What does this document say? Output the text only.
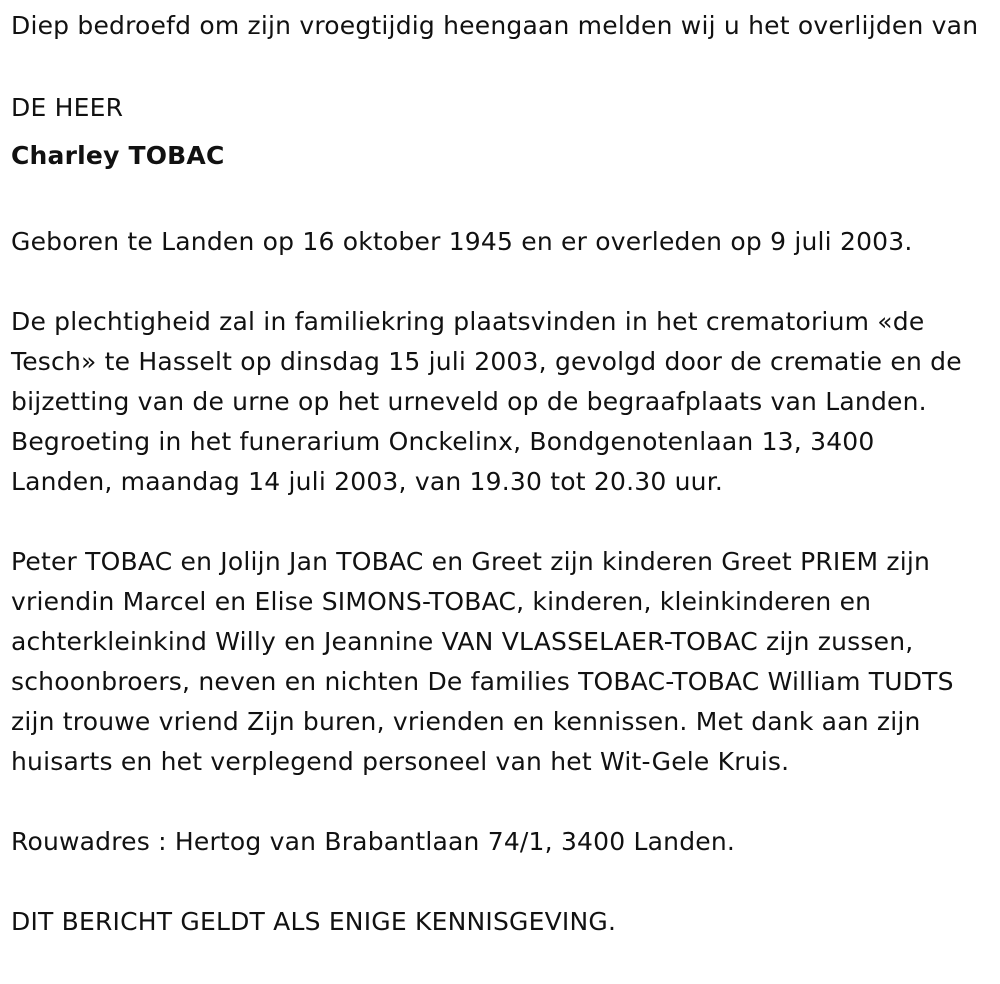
Diep bedroefd om zijn vroegtijdig heengaan melden wij u het overlijden van

DE HEER

Charley TOBAC

Geboren te Landen op 16 oktober 1945 en er overleden op 9 juli 2003.

De plechtigheid zal in familiekring plaatsvinden in het crematorium «de Tesch» te Hasselt op dinsdag 15 juli 2003, gevolgd door de crematie en de bijzetting van de urne op het urneveld op de begraafplaats van Landen. Begroeting in het funerarium Onckelinx, Bondgenotenlaan 13, 3400 Landen, maandag 14 juli 2003, van 19.30 tot 20.30 uur.

Peter TOBAC en Jolijn Jan TOBAC en Greet zijn kinderen Greet PRIEM zijn vriendin Marcel en Elise SIMONS-TOBAC, kinderen, kleinkinderen en achterkleinkind Willy en Jeannine VAN VLASSELAER-TOBAC zijn zussen, schoonbroers, neven en nichten De families TOBAC-TOBAC William TUDTS zijn trouwe vriend Zijn buren, vrienden en kennissen. Met dank aan zijn huisarts en het verplegend personeel van het Wit-Gele Kruis.

Rouwadres : Hertog van Brabantlaan 74/1, 3400 Landen.

DIT BERICHT GELDT ALS ENIGE KENNISGEVING.
